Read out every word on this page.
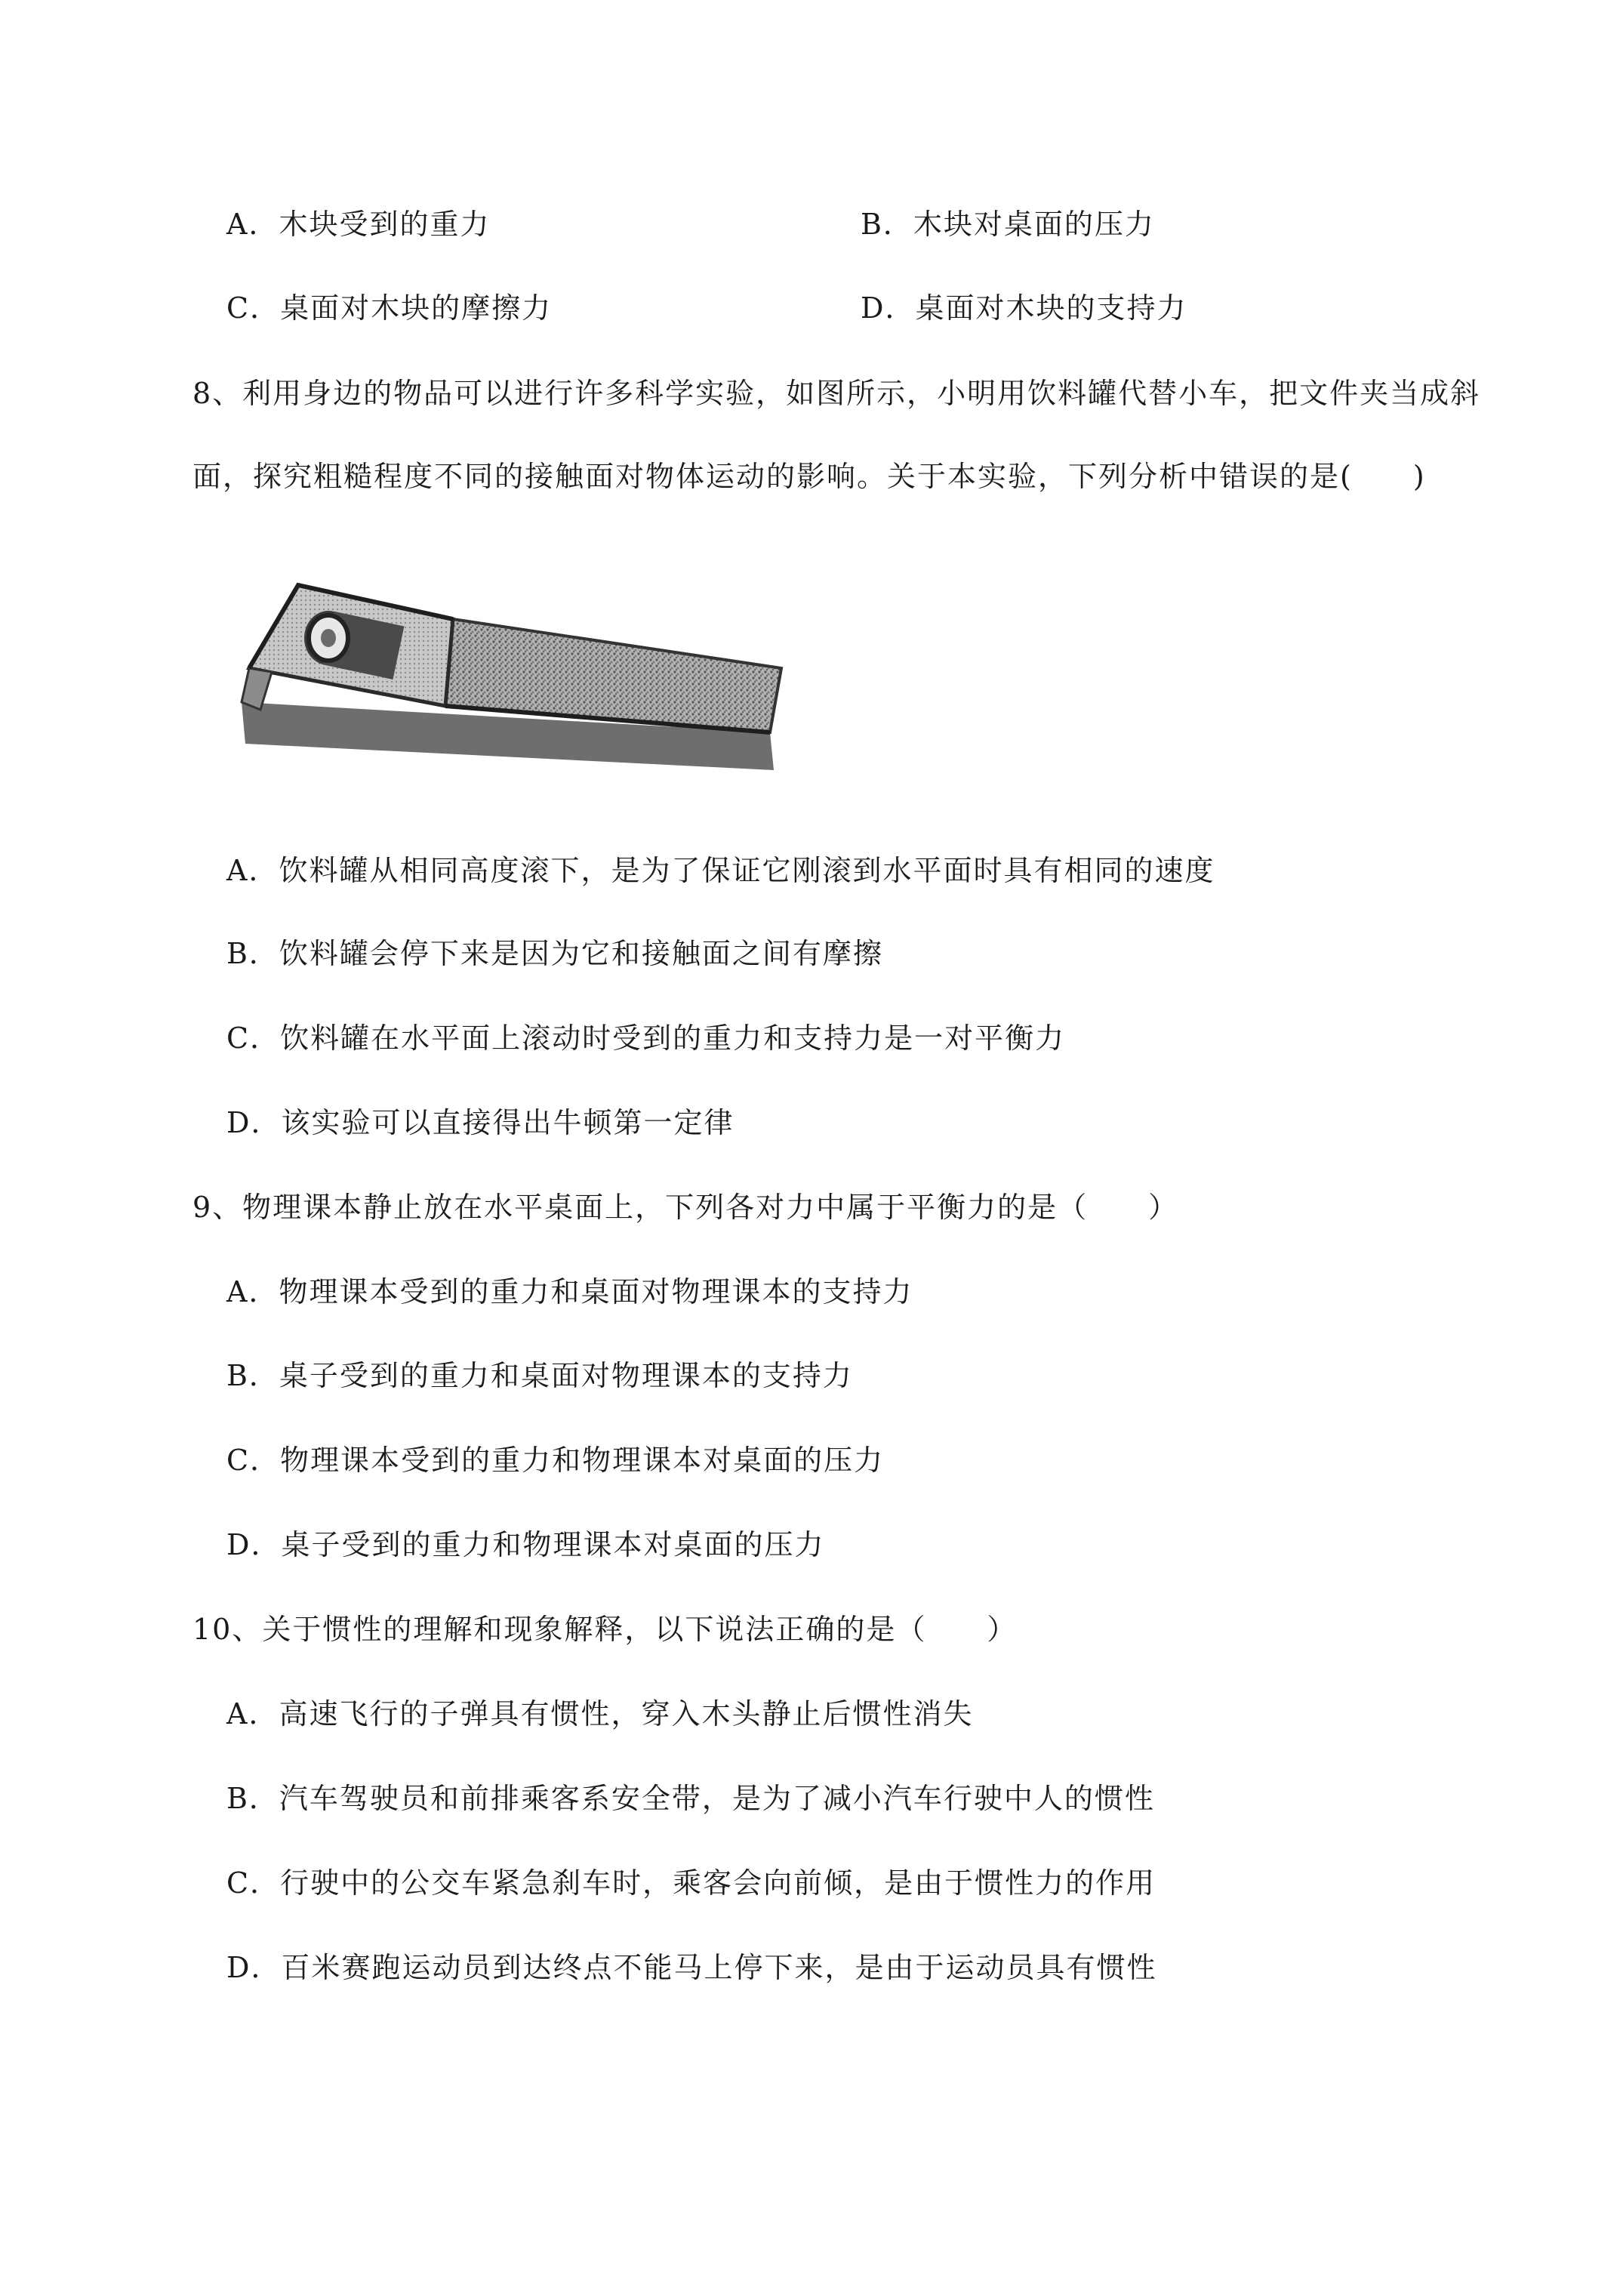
A．木块受到的重力	B．木块对桌面的压力
C．桌面对木块的摩擦力	D．桌面对木块的支持力
8、利用身边的物品可以进行许多科学实验，如图所示，小明用饮料罐代替小车，把文件夹当成斜
面，探究粗糙程度不同的接触面对物体运动的影响。关于本实验，下列分析中错误的是(　　)
A．饮料罐从相同高度滚下，是为了保证它刚滚到水平面时具有相同的速度
B．饮料罐会停下来是因为它和接触面之间有摩擦
C．饮料罐在水平面上滚动时受到的重力和支持力是一对平衡力
D．该实验可以直接得出牛顿第一定律
9、物理课本静止放在水平桌面上，下列各对力中属于平衡力的是（　　）
A．物理课本受到的重力和桌面对物理课本的支持力
B．桌子受到的重力和桌面对物理课本的支持力
C．物理课本受到的重力和物理课本对桌面的压力
D．桌子受到的重力和物理课本对桌面的压力
10、关于惯性的理解和现象解释，以下说法正确的是（　　）
A．高速飞行的子弹具有惯性，穿入木头静止后惯性消失
B．汽车驾驶员和前排乘客系安全带，是为了减小汽车行驶中人的惯性
C．行驶中的公交车紧急刹车时，乘客会向前倾，是由于惯性力的作用
D．百米赛跑运动员到达终点不能马上停下来，是由于运动员具有惯性
